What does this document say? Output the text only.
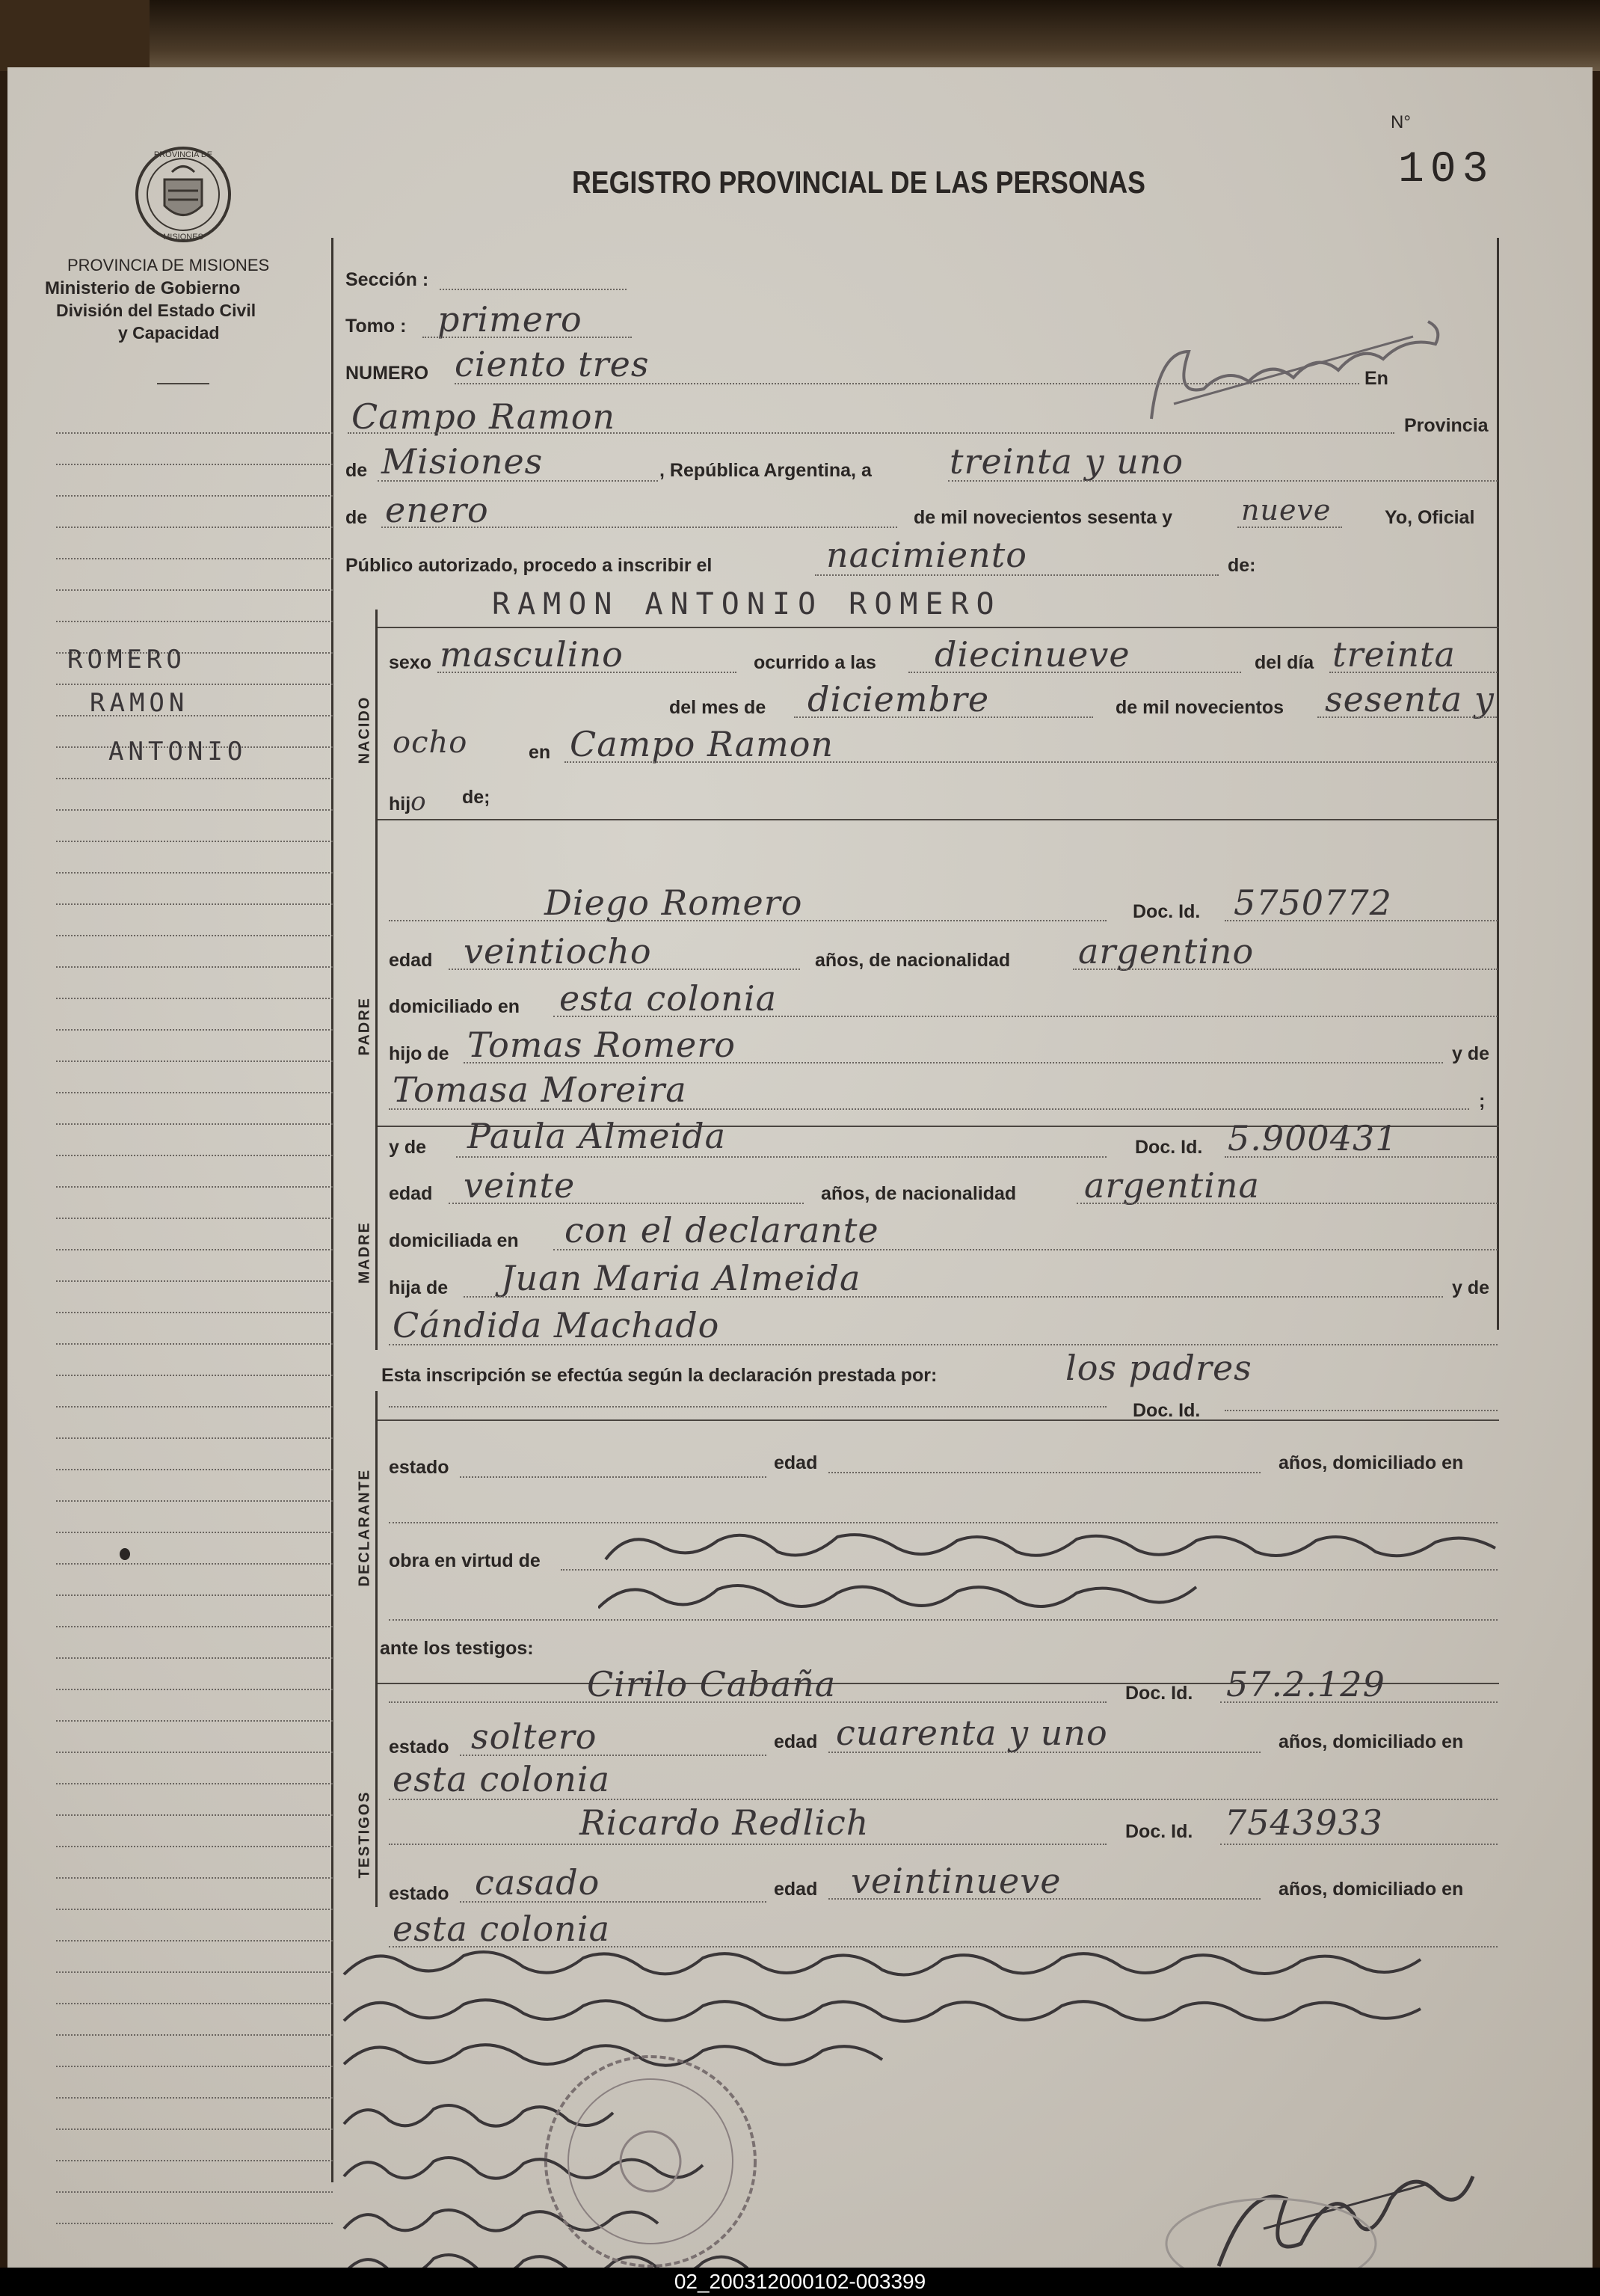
PROVINCIA DE
MISIONES
PROVINCIA DE MISIONES
Ministerio de Gobierno
División del Estado Civil
y Capacidad
REGISTRO PROVINCIAL DE LAS PERSONAS
N°
103
ROMERO
RAMON
ANTONIO
Sección :
Tomo : primero
NUMERO ciento tres	En
Campo Ramon	Provincia
de Misiones	, República Argentina, a treinta y uno
de enero	de mil novecientos sesenta y nueve	Yo, Oficial
Público autorizado, procedo a inscribir el	nacimiento	de:
RAMON ANTONIO ROMERO
NACIDO
sexo masculino	ocurrido a las diecinueve	del día treinta
del mes de diciembre	de mil novecientos sesenta y
ocho	en Campo Ramon
hijo de;
PADRE
Diego Romero	Doc. Id. 5750772
edad veintiocho	años, de nacionalidad argentino
domiciliado en esta colonia
hijo de Tomas Romero	y de
Tomasa Moreira	;
MADRE
y de Paula Almeida	Doc. Id. 5.900431
edad veinte	años, de nacionalidad argentina
domiciliada en con el declarante
hija de Juan Maria Almeida	y de
Cándida Machado
Esta inscripción se efectúa según la declaración prestada por:	los padres
DECLARANTE
Doc. Id.
estado	edad	años, domiciliado en
obra en virtud de
ante los testigos:
TESTIGOS
Cirilo Cabaña	Doc. Id. 57.2.129
estado soltero	edad cuarenta y uno	años, domiciliado en
esta colonia
Ricardo Redlich	Doc. Id. 7543933
estado casado	edad veintinueve	años, domiciliado en
esta colonia
02_200312000102-003399
